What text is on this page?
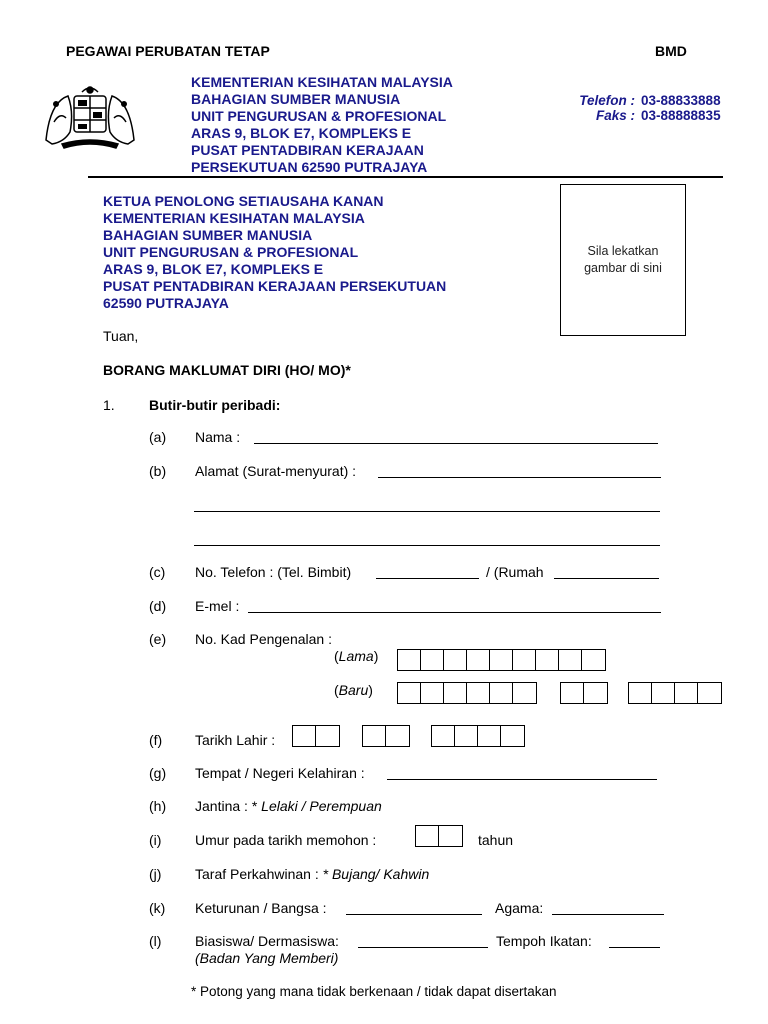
PEGAWAI PERUBATAN TETAP	BMD
KEMENTERIAN KESIHATAN MALAYSIA
BAHAGIAN SUMBER MANUSIA
UNIT PENGURUSAN & PROFESIONAL
ARAS 9, BLOK E7, KOMPLEKS E
PUSAT PENTADBIRAN KERAJAAN
PERSEKUTUAN 62590 PUTRAJAYA
Telefon : 03-88833888
Faks : 03-88888835
KETUA PENOLONG SETIAUSAHA KANAN
KEMENTERIAN KESIHATAN MALAYSIA
BAHAGIAN SUMBER MANUSIA
UNIT PENGURUSAN & PROFESIONAL
ARAS 9, BLOK E7, KOMPLEKS E
PUSAT PENTADBIRAN KERAJAAN PERSEKUTUAN
62590 PUTRAJAYA
Sila lekatkan
gambar di sini
Tuan,
BORANG MAKLUMAT DIRI (HO/ MO)*
1. Butir-butir peribadi:
(a) Nama :
(b) Alamat (Surat-menyurat) :
(c) No. Telefon : (Tel. Bimbit)	/ (Rumah
(d) E-mel :
(e) No. Kad Pengenalan :
(Lama)
(Baru)
(f) Tarikh Lahir :
(g) Tempat / Negeri Kelahiran :
(h) Jantina : * Lelaki / Perempuan
(i) Umur pada tarikh memohon :	tahun
(j) Taraf Perkahwinan : * Bujang/ Kahwin
(k) Keturunan / Bangsa :	Agama:
(l) Biasiswa/ Dermasiswa:	Tempoh Ikatan:
(Badan Yang Memberi)
* Potong yang mana tidak berkenaan / tidak dapat disertakan
